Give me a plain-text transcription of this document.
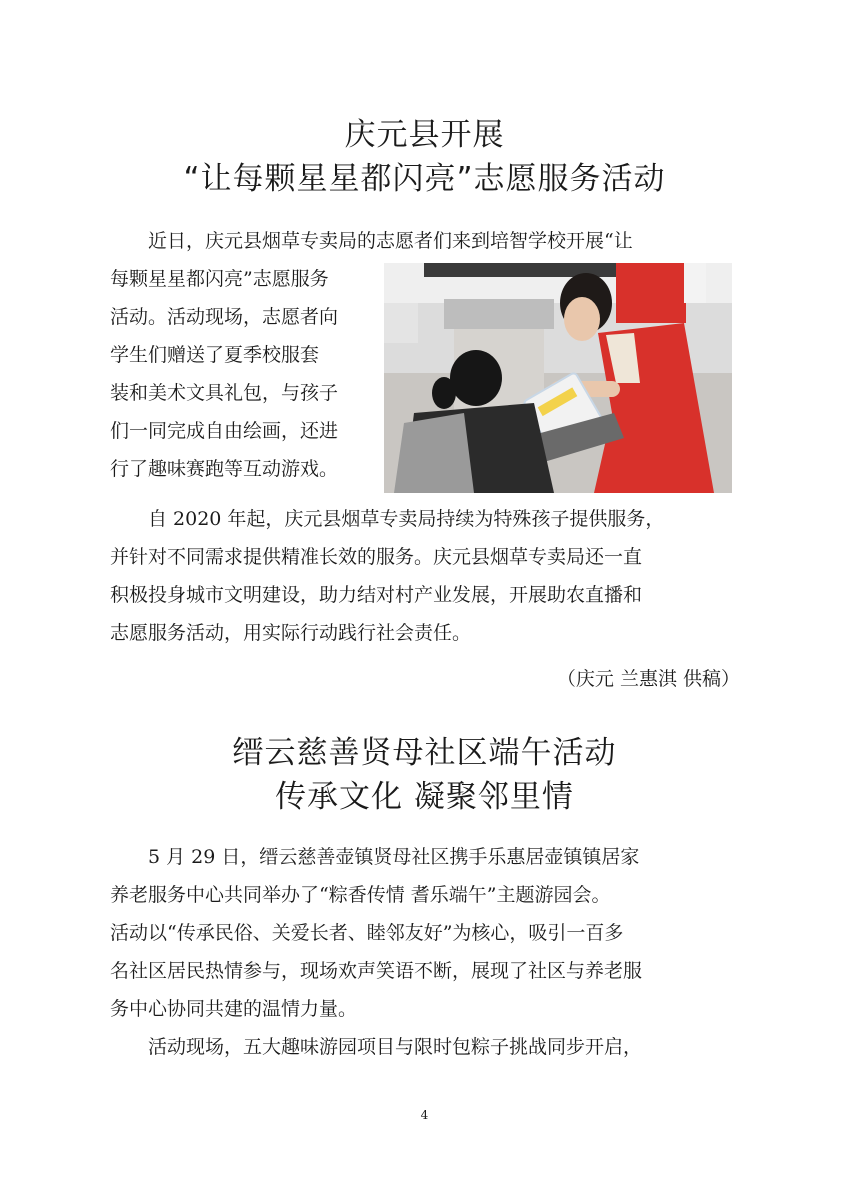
庆元县开展
“让每颗星星都闪亮”志愿服务活动
近日，庆元县烟草专卖局的志愿者们来到培智学校开展“让
每颗星星都闪亮”志愿服务
活动。活动现场，志愿者向
学生们赠送了夏季校服套
装和美术文具礼包，与孩子
们一同完成自由绘画，还进
行了趣味赛跑等互动游戏。
自 2020 年起，庆元县烟草专卖局持续为特殊孩子提供服务，
并针对不同需求提供精准长效的服务。庆元县烟草专卖局还一直
积极投身城市文明建设，助力结对村产业发展，开展助农直播和
志愿服务活动，用实际行动践行社会责任。

（庆元 兰惠淇 供稿）

缙云慈善贤母社区端午活动
传承文化 凝聚邻里情
5 月 29 日，缙云慈善壶镇贤母社区携手乐惠居壶镇镇居家
养老服务中心共同举办了“粽香传情 耆乐端午”主题游园会。
活动以“传承民俗、关爱长者、睦邻友好”为核心，吸引一百多
名社区居民热情参与，现场欢声笑语不断，展现了社区与养老服
务中心协同共建的温情力量。
活动现场，五大趣味游园项目与限时包粽子挑战同步开启，
4
